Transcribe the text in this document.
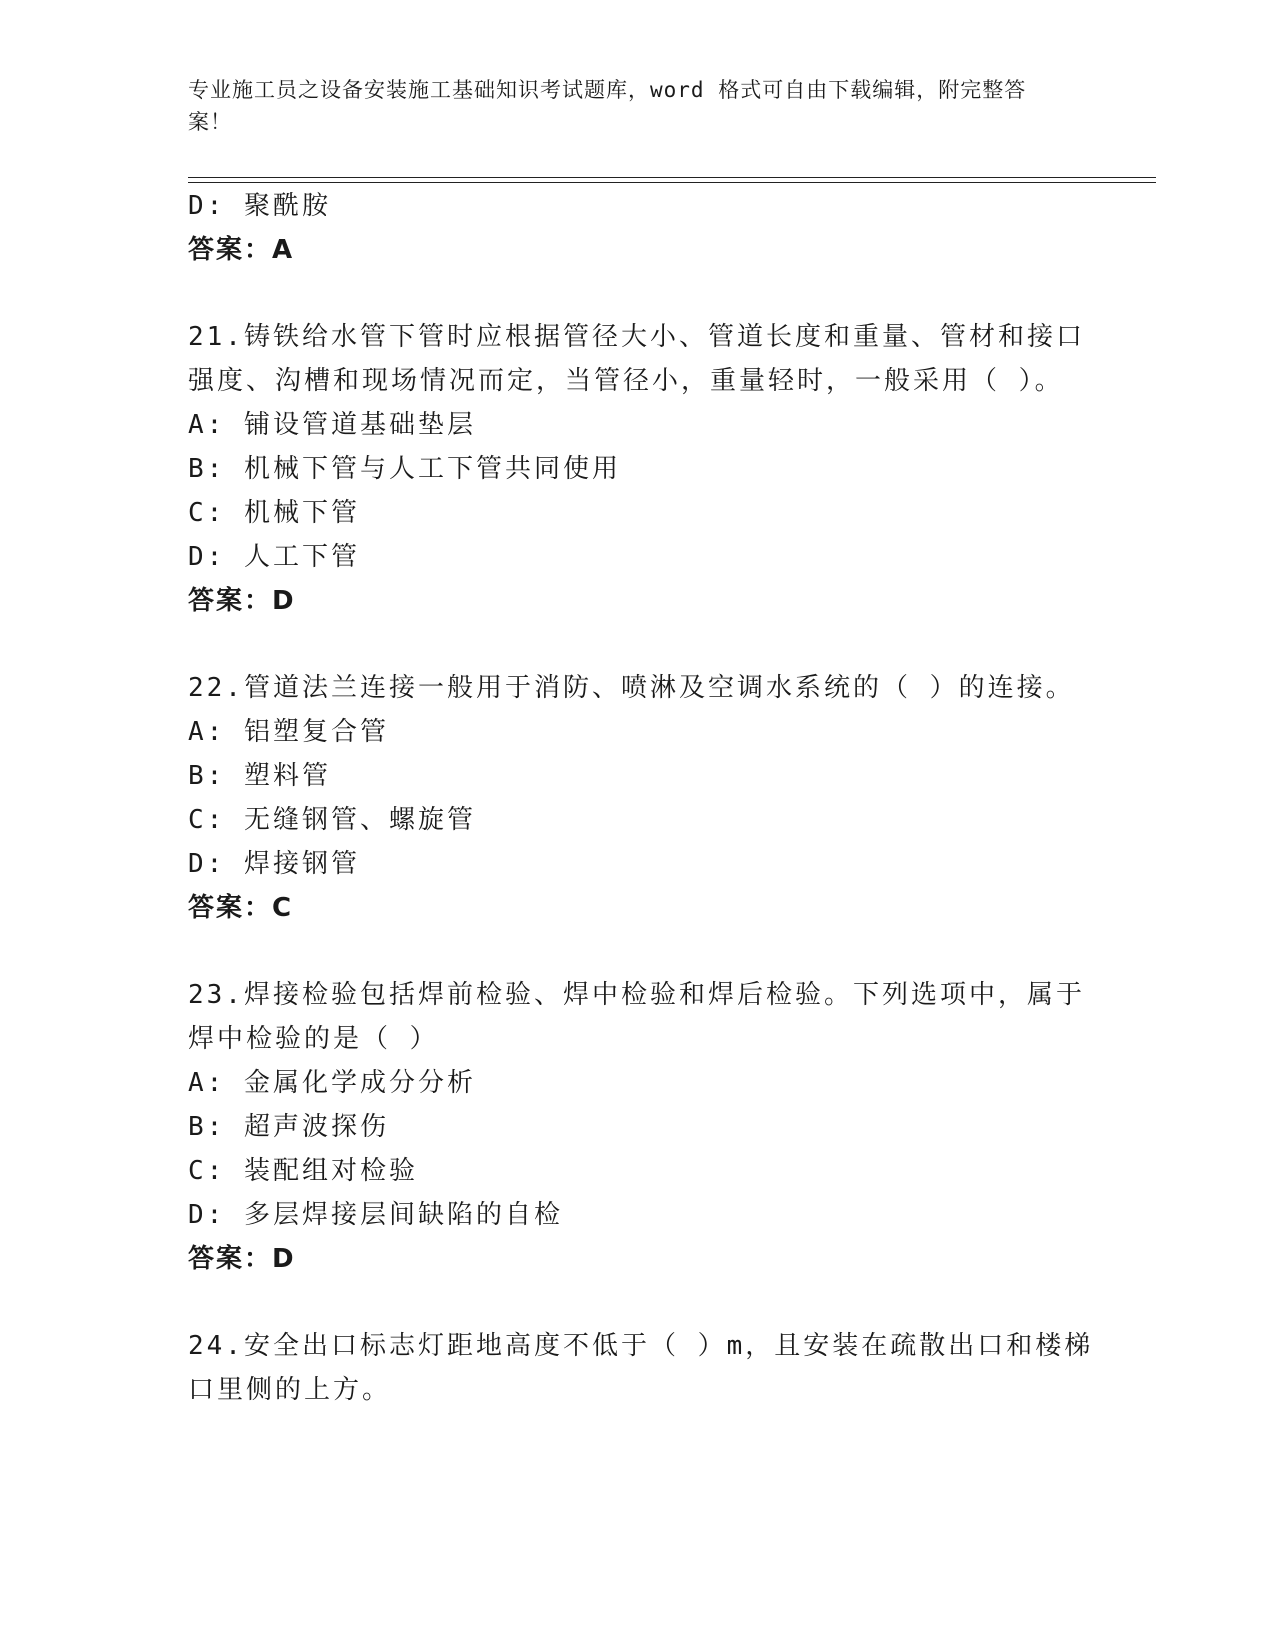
专业施工员之设备安装施工基础知识考试题库，word 格式可自由下载编辑，附完整答案！
D: 聚酰胺
答案：A
21.铸铁给水管下管时应根据管径大小、管道长度和重量、管材和接口
强度、沟槽和现场情况而定，当管径小，重量轻时，一般采用（ ）。
A: 铺设管道基础垫层
B: 机械下管与人工下管共同使用
C: 机械下管
D: 人工下管
答案：D
22.管道法兰连接一般用于消防、喷淋及空调水系统的（ ）的连接。
A: 铝塑复合管
B: 塑料管
C: 无缝钢管、螺旋管
D: 焊接钢管
答案：C
23.焊接检验包括焊前检验、焊中检验和焊后检验。下列选项中，属于
焊中检验的是（ ）
A: 金属化学成分分析
B: 超声波探伤
C: 装配组对检验
D: 多层焊接层间缺陷的自检
答案：D
24.安全出口标志灯距地高度不低于（ ）m，且安装在疏散出口和楼梯
口里侧的上方。
